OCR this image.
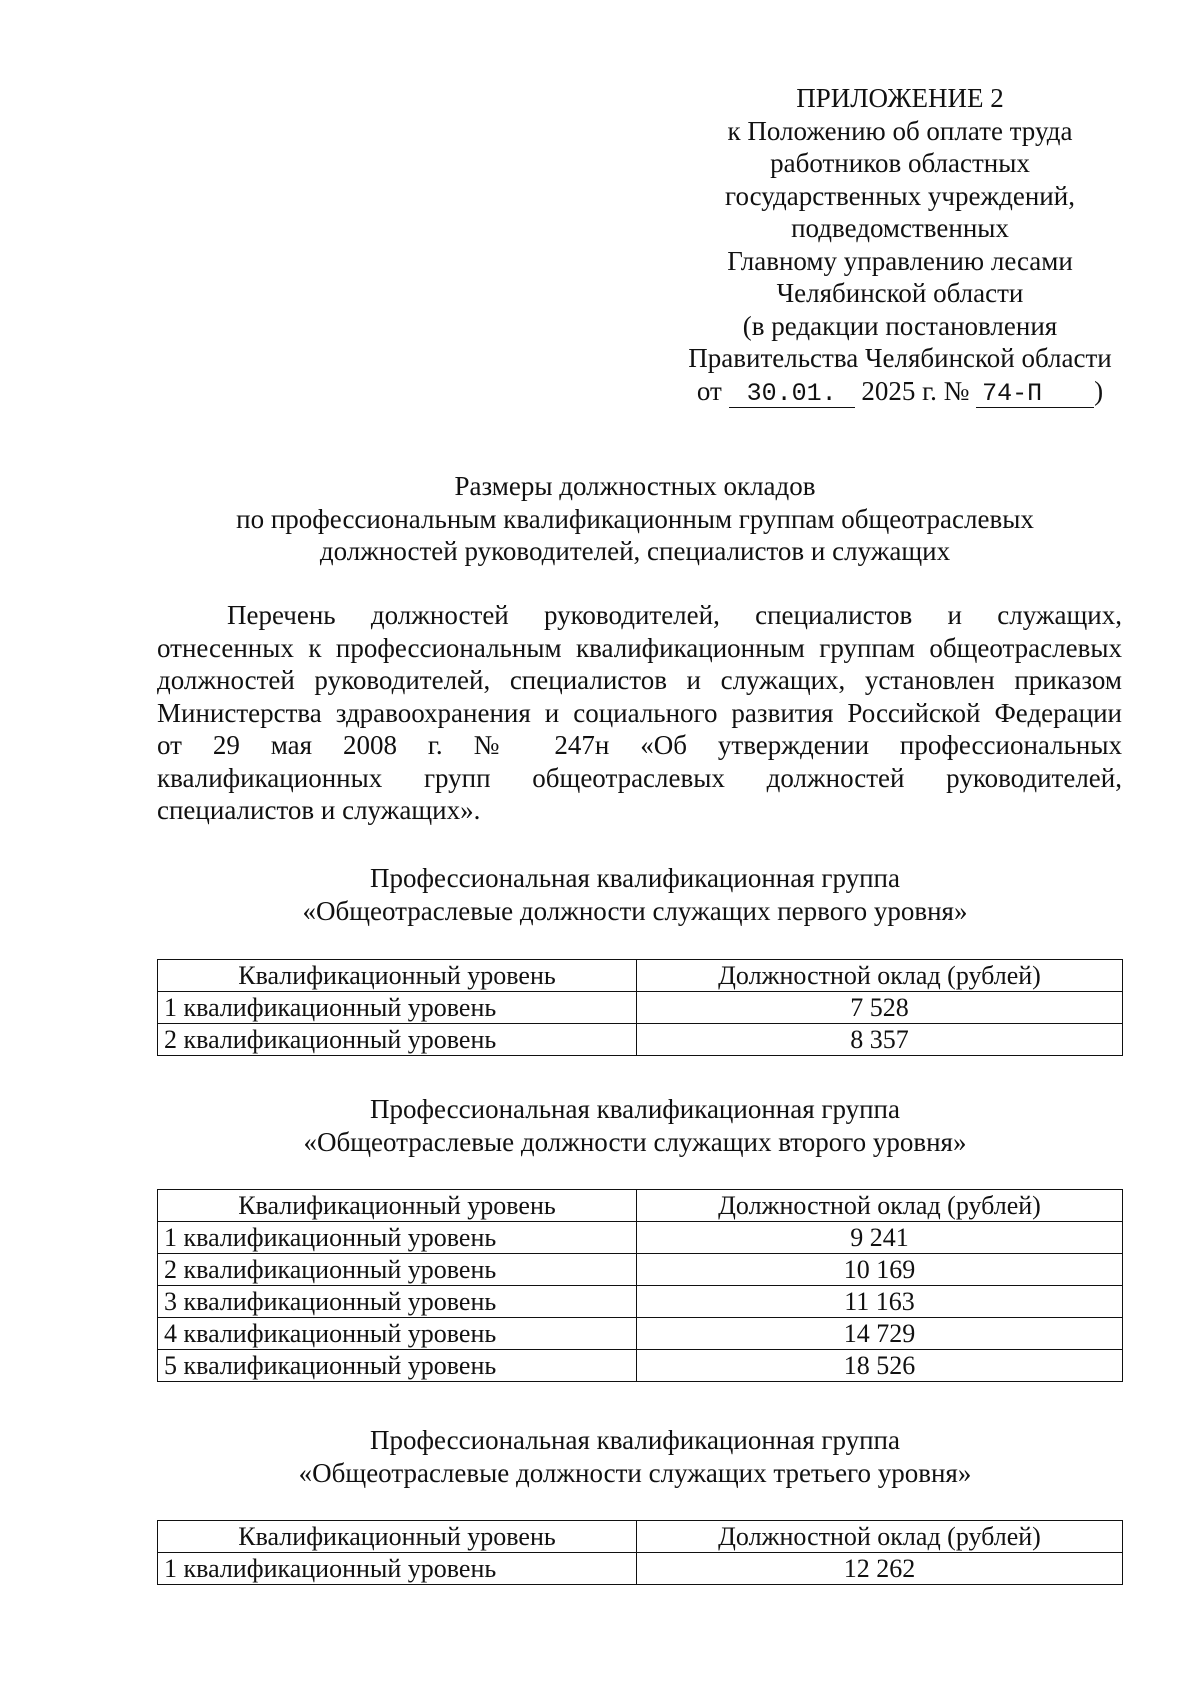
ПРИЛОЖЕНИЕ 2
к Положению об оплате труда
работников областных
государственных учреждений,
подведомственных
Главному управлению лесами
Челябинской области
(в редакции постановления
Правительства Челябинской области
от 30.01. 2025 г. № 74-П )
Размеры должностных окладов
по профессиональным квалификационным группам общеотраслевых
должностей руководителей, специалистов и служащих
Перечень должностей руководителей, специалистов и служащих,
отнесенных к профессиональным квалификационным группам общеотраслевых
должностей руководителей, специалистов и служащих, установлен приказом
Министерства здравоохранения и социального развития Российской Федерации
от 29 мая 2008 г. № 247н «Об утверждении профессиональных
квалификационных групп общеотраслевых должностей руководителей,
специалистов и служащих».
Профессиональная квалификационная группа
«Общеотраслевые должности служащих первого уровня»
Квалификационный уровень	Должностной оклад (рублей)
1 квалификационный уровень	7 528
2 квалификационный уровень	8 357
Профессиональная квалификационная группа
«Общеотраслевые должности служащих второго уровня»
Квалификационный уровень	Должностной оклад (рублей)
1 квалификационный уровень	9 241
2 квалификационный уровень	10 169
3 квалификационный уровень	11 163
4 квалификационный уровень	14 729
5 квалификационный уровень	18 526
Профессиональная квалификационная группа
«Общеотраслевые должности служащих третьего уровня»
Квалификационный уровень	Должностной оклад (рублей)
1 квалификационный уровень	12 262
